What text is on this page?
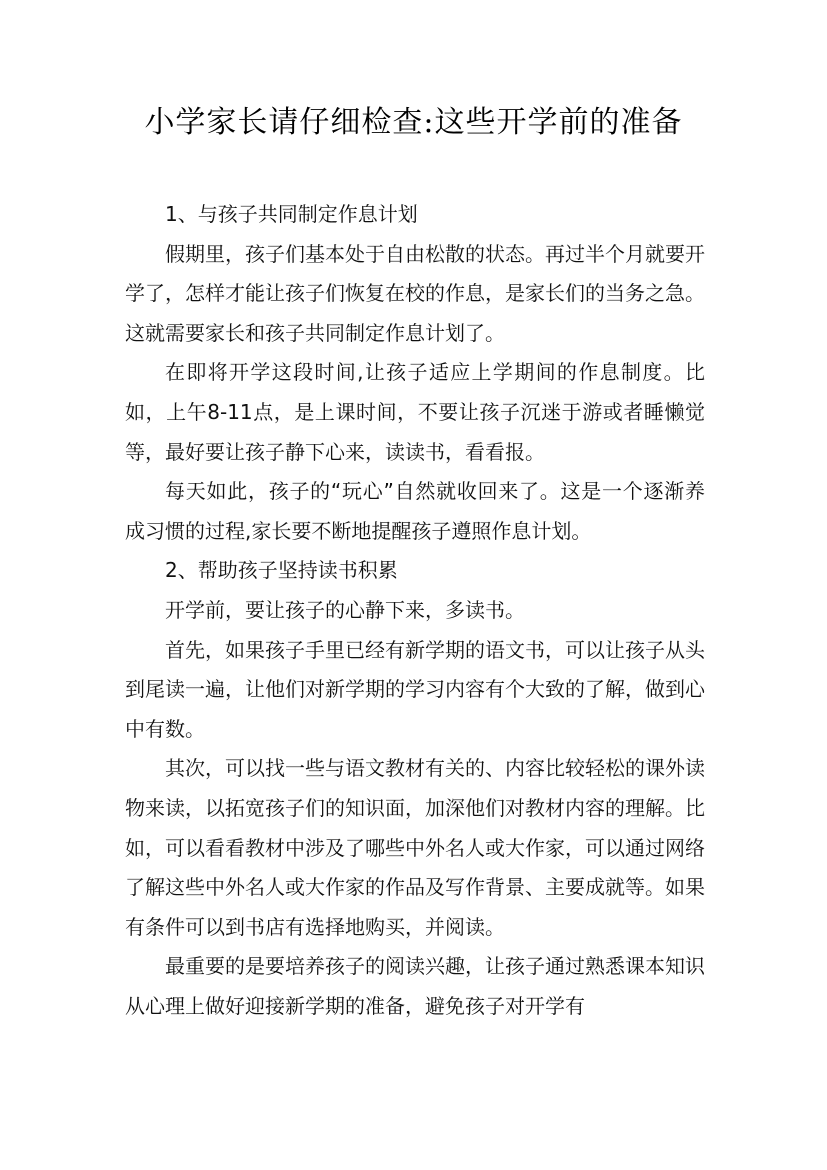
小学家长请仔细检查:这些开学前的准备

1、与孩子共同制定作息计划

假期里，孩子们基本处于自由松散的状态。再过半个月就要开学了，怎样才能让孩子们恢复在校的作息，是家长们的当务之急。这就需要家长和孩子共同制定作息计划了。

在即将开学这段时间,让孩子适应上学期间的作息制度。比如，上午8-11点，是上课时间，不要让孩子沉迷于游或者睡懒觉等，最好要让孩子静下心来，读读书，看看报。

每天如此，孩子的“玩心”自然就收回来了。这是一个逐渐养成习惯的过程,家长要不断地提醒孩子遵照作息计划。

2、帮助孩子坚持读书积累

开学前，要让孩子的心静下来，多读书。

首先，如果孩子手里已经有新学期的语文书，可以让孩子从头到尾读一遍，让他们对新学期的学习内容有个大致的了解，做到心中有数。

其次，可以找一些与语文教材有关的、内容比较轻松的课外读物来读，以拓宽孩子们的知识面，加深他们对教材内容的理解。比如，可以看看教材中涉及了哪些中外名人或大作家，可以通过网络了解这些中外名人或大作家的作品及写作背景、主要成就等。如果有条件可以到书店有选择地购买，并阅读。

最重要的是要培养孩子的阅读兴趣，让孩子通过熟悉课本知识从心理上做好迎接新学期的准备，避免孩子对开学有
